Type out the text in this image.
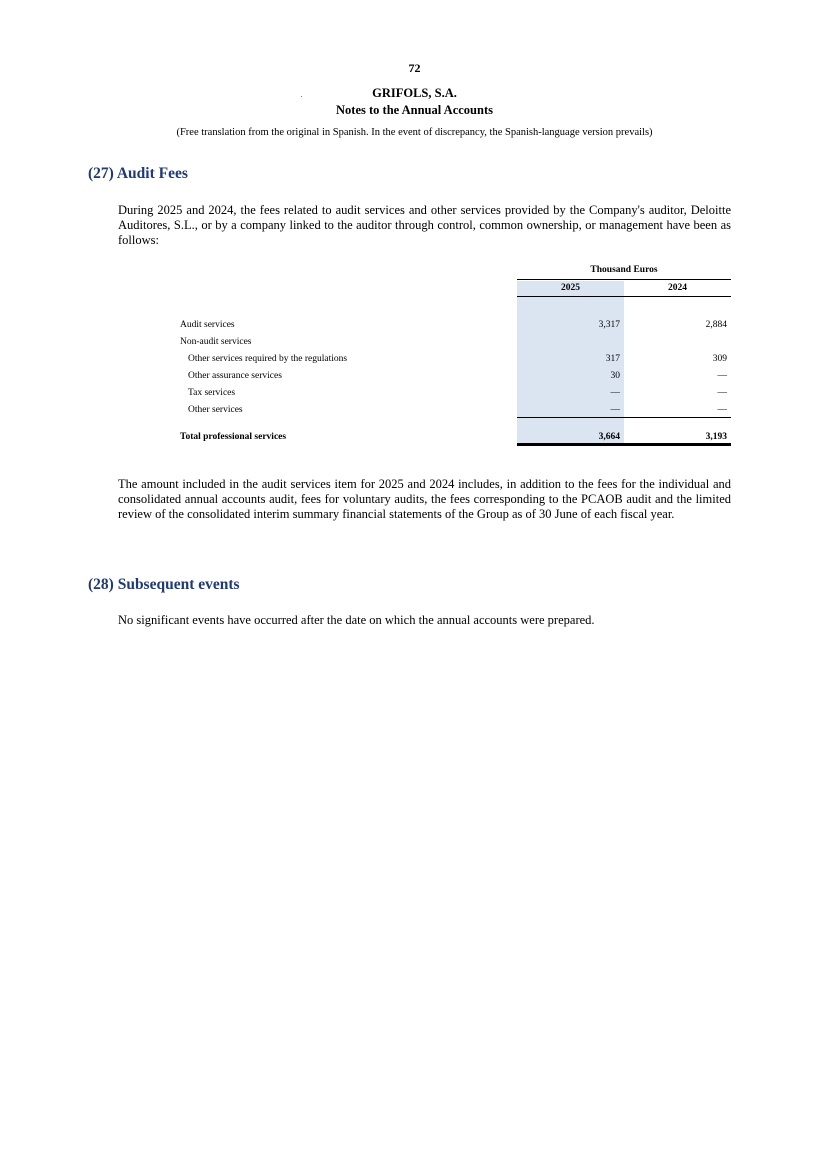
72
GRIFOLS, S.A.
Notes to the Annual Accounts
(Free translation from the original in Spanish. In the event of discrepancy, the Spanish-language version prevails)
(27) Audit Fees
During 2025 and 2024, the fees related to audit services and other services provided by the Company's auditor, Deloitte Auditores, S.L., or by a company linked to the auditor through control, common ownership, or management have been as follows:
Thousand Euros
2025	2024
Audit services	3,317	2,884
Non-audit services
Other services required by the regulations	317	309
Other assurance services	30	—
Tax services	—	—
Other services	—	—
Total professional services	3,664	3,193
The amount included in the audit services item for 2025 and 2024 includes, in addition to the fees for the individual and consolidated annual accounts audit, fees for voluntary audits, the fees corresponding to the PCAOB audit and the limited review of the consolidated interim summary financial statements of the Group as of 30 June of each fiscal year.
(28) Subsequent events
No significant events have occurred after the date on which the annual accounts were prepared.
